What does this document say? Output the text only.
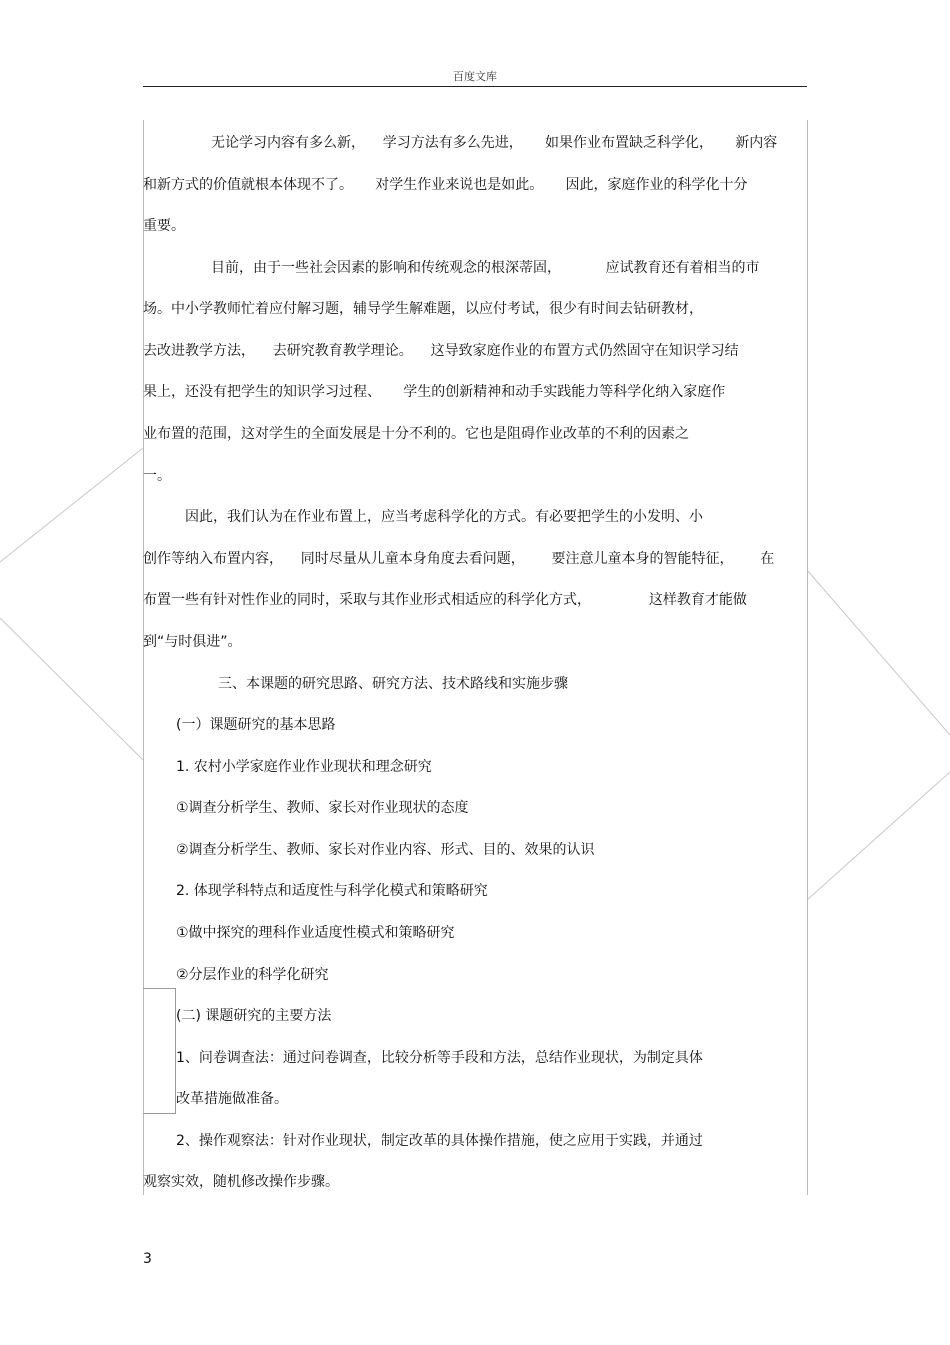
百度文库
无论学习内容有多么新，    学习方法有多么先进，     如果作业布置缺乏科学化，     新内容
和新方式的价值就根本体现不了。     对学生作业来说也是如此。     因此，家庭作业的科学化十分
重要。
目前，由于一些社会因素的影响和传统观念的根深蒂固，          应试教育还有着相当的市
场。中小学教师忙着应付解习题，辅导学生解难题，以应付考试，很少有时间去钻研教材，
去改进教学方法，    去研究教育教学理论。    这导致家庭作业的布置方式仍然固守在知识学习结
果上，还没有把学生的知识学习过程、     学生的创新精神和动手实践能力等科学化纳入家庭作
业布置的范围，这对学生的全面发展是十分不利的。它也是阻碍作业改革的不利的因素之
一。
因此，我们认为在作业布置上，应当考虑科学化的方式。有必要把学生的小发明、小
创作等纳入布置内容，    同时尽量从儿童本身角度去看问题，      要注意儿童本身的智能特征，      在
布置一些有针对性作业的同时，采取与其作业形式相适应的科学化方式，             这样教育才能做
到“与时俱进”。
三、本课题的研究思路、研究方法、技术路线和实施步骤
(一）课题研究的基本思路
1. 农村小学家庭作业作业现状和理念研究
①调查分析学生、教师、家长对作业现状的态度
②调查分析学生、教师、家长对作业内容、形式、目的、效果的认识
2. 体现学科特点和适度性与科学化模式和策略研究
①做中探究的理科作业适度性模式和策略研究
②分层作业的科学化研究
(二) 课题研究的主要方法
1、问卷调查法：通过问卷调查，比较分析等手段和方法，总结作业现状，为制定具体
改革措施做准备。
2、操作观察法：针对作业现状，制定改革的具体操作措施，使之应用于实践，并通过
观察实效，随机修改操作步骤。
3
